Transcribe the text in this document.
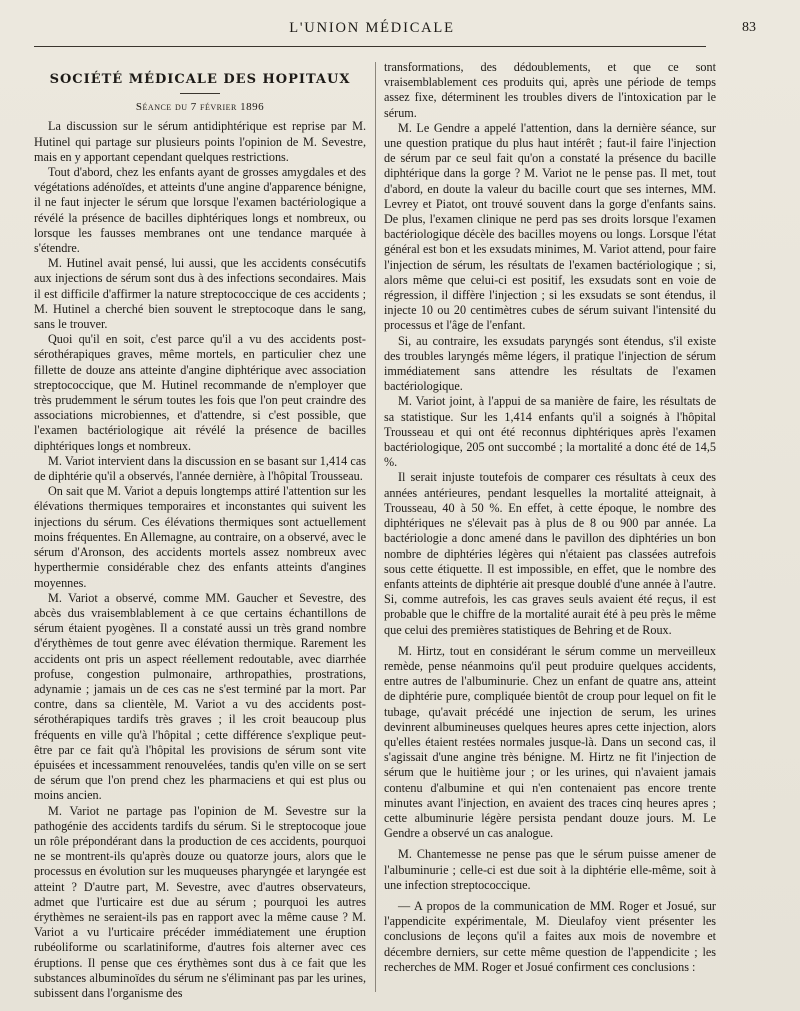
L'UNION MÉDICALE	83
SOCIÉTÉ MÉDICALE DES HOPITAUX
Séance du 7 février 1896

La discussion sur le sérum antidiphtérique est reprise par M. Hutinel qui partage sur plusieurs points l'opinion de M. Sevestre, mais en y apportant cependant quelques restrictions.

Tout d'abord, chez les enfants ayant de grosses amygdales et des végétations adénoïdes, et atteints d'une angine d'apparence bénigne, il ne faut injecter le sérum que lorsque l'examen bactériologique a révélé la présence de bacilles diphtériques longs et nombreux, ou lorsque les fausses membranes ont une tendance marquée à s'étendre.

M. Hutinel avait pensé, lui aussi, que les accidents consécutifs aux injections de sérum sont dus à des infections secondaires. Mais il est difficile d'affirmer la nature streptococcique de ces accidents ; M. Hutinel a cherché bien souvent le streptocoque dans le sang, sans le trouver.

Quoi qu'il en soit, c'est parce qu'il a vu des accidents post-sérothérapiques graves, même mortels, en particulier chez une fillette de douze ans atteinte d'angine diphtérique avec association streptococcique, que M. Hutinel recommande de n'employer que très prudemment le sérum toutes les fois que l'on peut craindre des associations microbiennes, et d'attendre, si c'est possible, que l'examen bactériologique ait révélé la présence de bacilles diphtériques longs et nombreux.

M. Variot intervient dans la discussion en se basant sur 1,414 cas de diphtérie qu'il a observés, l'année dernière, à l'hôpital Trousseau.

On sait que M. Variot a depuis longtemps attiré l'attention sur les élévations thermiques temporaires et inconstantes qui suivent les injections du sérum. Ces élévations thermiques sont actuellement moins fréquentes. En Allemagne, au contraire, on a observé, avec le sérum d'Aronson, des accidents mortels assez nombreux avec hyperthermie considérable chez des enfants atteints d'angines moyennes.

M. Variot a observé, comme MM. Gaucher et Sevestre, des abcès dus vraisemblablement à ce que certains échantillons de sérum étaient pyogènes. Il a constaté aussi un très grand nombre d'érythèmes de tout genre avec élévation thermique. Rarement les accidents ont pris un aspect réellement redoutable, avec diarrhée profuse, congestion pulmonaire, arthropathies, prostrations, adynamie ; jamais un de ces cas ne s'est terminé par la mort. Par contre, dans sa clientèle, M. Variot a vu des accidents post-sérothérapiques tardifs très graves ; il les croit beaucoup plus fréquents en ville qu'à l'hôpital ; cette différence s'explique peut-être par ce fait qu'à l'hôpital les provisions de sérum sont vite épuisées et incessamment renouvelées, tandis qu'en ville on se sert de sérum que l'on prend chez les pharmaciens et qui est plus ou moins ancien.

M. Variot ne partage pas l'opinion de M. Sevestre sur la pathogénie des accidents tardifs du sérum. Si le streptocoque joue un rôle prépondérant dans la production de ces accidents, pourquoi ne se montrent-ils qu'après douze ou quatorze jours, alors que le processus en évolution sur les muqueuses pharyngée et laryngée est atteint ? D'autre part, M. Sevestre, avec d'autres observateurs, admet que l'urticaire est due au sérum ; pourquoi les autres érythèmes ne seraient-ils pas en rapport avec la même cause ? M. Variot a vu l'urticaire précéder immédiatement une éruption rubéoliforme ou scarlatiniforme, d'autres fois alterner avec ces éruptions. Il pense que ces érythèmes sont dus à ce fait que les substances albuminoïdes du sérum ne s'éliminant pas par les urines, subissent dans l'organisme des

transformations, des dédoublements, et que ce sont vraisemblablement ces produits qui, après une période de temps assez fixe, déterminent les troubles divers de l'intoxication par le sérum.

M. Le Gendre a appelé l'attention, dans la dernière séance, sur une question pratique du plus haut intérêt ; faut-il faire l'injection de sérum par ce seul fait qu'on a constaté la présence du bacille diphtérique dans la gorge ? M. Variot ne le pense pas. Il met, tout d'abord, en doute la valeur du bacille court que ses internes, MM. Levrey et Piatot, ont trouvé souvent dans la gorge d'enfants sains. De plus, l'examen clinique ne perd pas ses droits lorsque l'examen bactériologique décèle des bacilles moyens ou longs. Lorsque l'état général est bon et les exsudats minimes, M. Variot attend, pour faire l'injection de sérum, les résultats de l'examen bactériologique ; si, alors même que celui-ci est positif, les exsudats sont en voie de régression, il diffère l'injection ; si les exsudats se sont étendus, il injecte 10 ou 20 centimètres cubes de sérum suivant l'intensité du processus et l'âge de l'enfant.

Si, au contraire, les exsudats paryngés sont étendus, s'il existe des troubles laryngés même légers, il pratique l'injection de sérum immédiatement sans attendre les résultats de l'examen bactériologique.

M. Variot joint, à l'appui de sa manière de faire, les résultats de sa statistique. Sur les 1,414 enfants qu'il a soignés à l'hôpital Trousseau et qui ont été reconnus diphtériques après l'examen bactériologique, 205 ont succombé ; la mortalité a donc été de 14,5 %.

Il serait injuste toutefois de comparer ces résultats à ceux des années antérieures, pendant lesquelles la mortalité atteignait, à Trousseau, 40 à 50 %. En effet, à cette époque, le nombre des diphtériques ne s'élevait pas à plus de 8 ou 900 par année. La bactériologie a donc amené dans le pavillon des diphtéries un bon nombre de diphtéries légères qui n'étaient pas classées autrefois sous cette étiquette. Il est impossible, en effet, que le nombre des enfants atteints de diphtérie ait presque doublé d'une année à l'autre. Si, comme autrefois, les cas graves seuls avaient été reçus, il est probable que le chiffre de la mortalité aurait été à peu près le même que celui des premières statistiques de Behring et de Roux.

M. Hirtz, tout en considérant le sérum comme un merveilleux remède, pense néanmoins qu'il peut produire quelques accidents, entre autres de l'albuminurie. Chez un enfant de quatre ans, atteint de diphtérie pure, compliquée bientôt de croup pour lequel on fit le tubage, qu'avait précédé une injection de serum, les urines devinrent albumineuses quelques heures apres cette injection, alors qu'elles étaient restées normales jusque-là. Dans un second cas, il s'agissait d'une angine très bénigne. M. Hirtz ne fit l'injection de sérum que le huitième jour ; or les urines, qui n'avaient jamais contenu d'albumine et qui n'en contenaient pas encore trente minutes avant l'injection, en avaient des traces cinq heures apres ; cette albuminurie légère persista pendant douze jours. M. Le Gendre a observé un cas analogue.

M. Chantemesse ne pense pas que le sérum puisse amener de l'albuminurie ; celle-ci est due soit à la diphtérie elle-même, soit à une infection streptococcique.

— A propos de la communication de MM. Roger et Josué, sur l'appendicite expérimentale, M. Dieulafoy vient présenter les conclusions de leçons qu'il a faites aux mois de novembre et décembre derniers, sur cette même question de l'appendicite ; les recherches de MM. Roger et Josué confirment ces conclusions :
